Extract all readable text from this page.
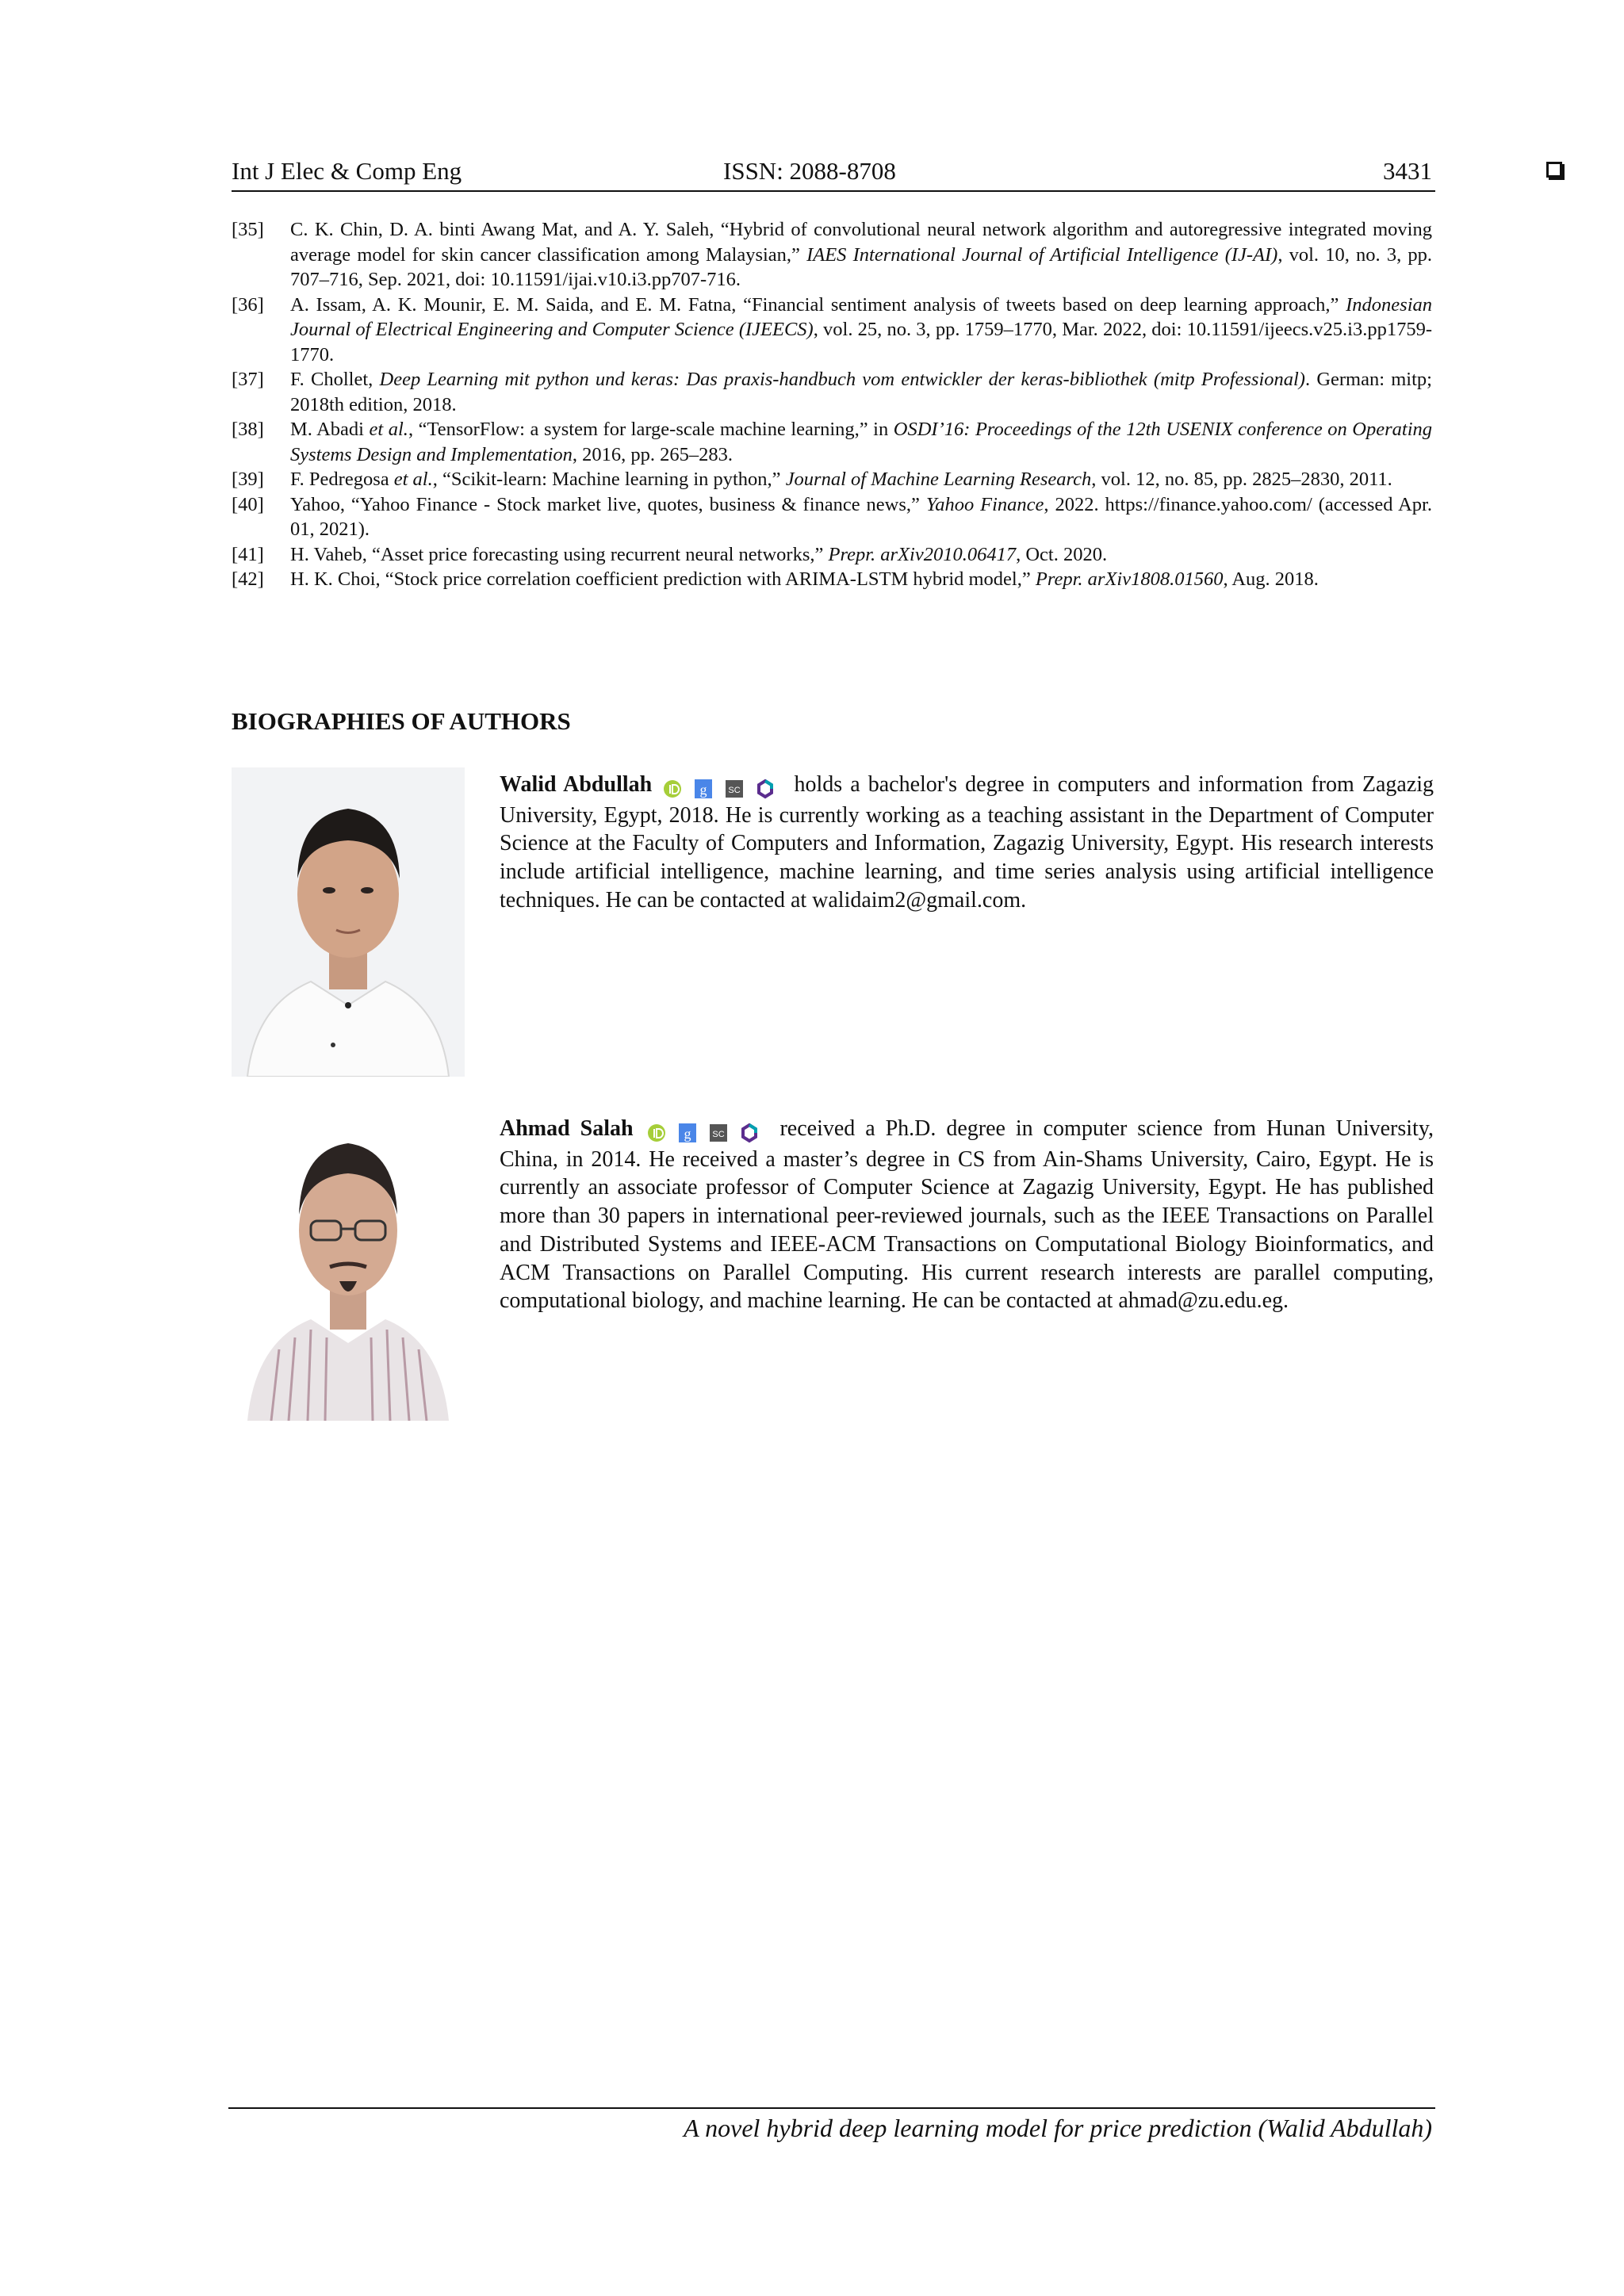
Int J Elec & Comp Eng	ISSN: 2088-8708	3431
[35] C. K. Chin, D. A. binti Awang Mat, and A. Y. Saleh, “Hybrid of convolutional neural network algorithm and autoregressive integrated moving average model for skin cancer classification among Malaysian,” IAES International Journal of Artificial Intelligence (IJ-AI), vol. 10, no. 3, pp. 707–716, Sep. 2021, doi: 10.11591/ijai.v10.i3.pp707-716.
[36] A. Issam, A. K. Mounir, E. M. Saida, and E. M. Fatna, “Financial sentiment analysis of tweets based on deep learning approach,” Indonesian Journal of Electrical Engineering and Computer Science (IJEECS), vol. 25, no. 3, pp. 1759–1770, Mar. 2022, doi: 10.11591/ijeecs.v25.i3.pp1759-1770.
[37] F. Chollet, Deep Learning mit python und keras: Das praxis-handbuch vom entwickler der keras-bibliothek (mitp Professional). German: mitp; 2018th edition, 2018.
[38] M. Abadi et al., “TensorFlow: a system for large-scale machine learning,” in OSDI’16: Proceedings of the 12th USENIX conference on Operating Systems Design and Implementation, 2016, pp. 265–283.
[39] F. Pedregosa et al., “Scikit-learn: Machine learning in python,” Journal of Machine Learning Research, vol. 12, no. 85, pp. 2825–2830, 2011.
[40] Yahoo, “Yahoo Finance - Stock market live, quotes, business & finance news,” Yahoo Finance, 2022. https://finance.yahoo.com/ (accessed Apr. 01, 2021).
[41] H. Vaheb, “Asset price forecasting using recurrent neural networks,” Prepr. arXiv2010.06417, Oct. 2020.
[42] H. K. Choi, “Stock price correlation coefficient prediction with ARIMA-LSTM hybrid model,” Prepr. arXiv1808.01560, Aug. 2018.
BIOGRAPHIES OF AUTHORS
Walid Abdullah	g
SC holds a bachelor's degree in computers and information from Zagazig University, Egypt, 2018. He is currently working as a teaching assistant in the Department of Computer Science at the Faculty of Computers and Information, Zagazig University, Egypt. His research interests include artificial intelligence, machine learning, and time series analysis using artificial intelligence techniques. He can be contacted at walidaim2@gmail.com.
Ahmad Salah	g
SC	received a Ph.D. degree in computer science from Hunan University, China, in 2014. He received a master’s degree in CS from Ain-Shams University, Cairo, Egypt. He is currently an associate professor of Computer Science at Zagazig University, Egypt. He has published more than 30 papers in international peer-reviewed journals, such as the IEEE Transactions on Parallel and Distributed Systems and IEEE-ACM Transactions on Computational Biology Bioinformatics, and ACM Transactions on Parallel Computing. His current research interests are parallel computing, computational biology, and machine learning. He can be contacted at ahmad@zu.edu.eg.
A novel hybrid deep learning model for price prediction (Walid Abdullah)
